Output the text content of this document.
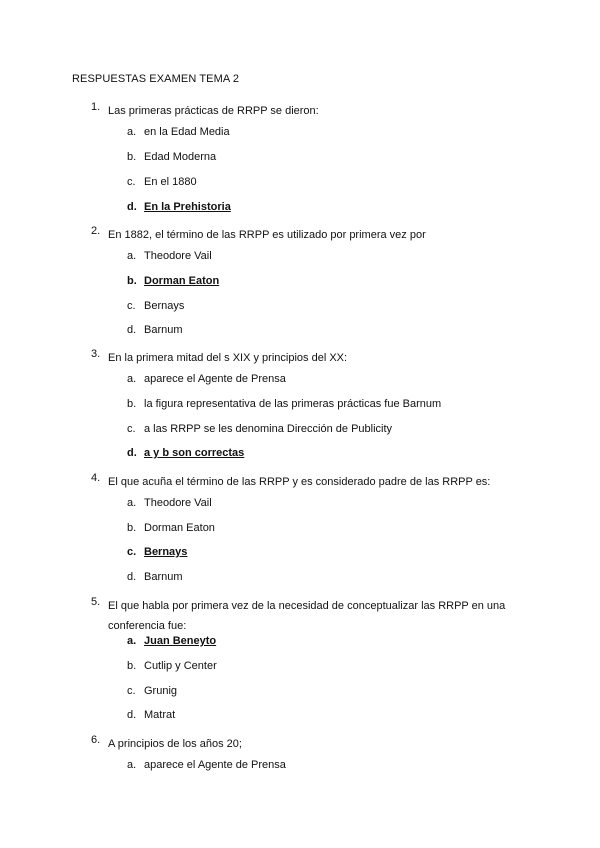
RESPUESTAS EXAMEN TEMA 2
1. Las primeras prácticas de RRPP se dieron:
a. en la Edad Media
b. Edad Moderna
c. En el 1880
d. En la Prehistoria
2. En 1882, el término de las RRPP es utilizado por primera vez por
a. Theodore Vail
b. Dorman Eaton
c. Bernays
d. Barnum
3. En la primera mitad del s XIX y principios del XX:
a. aparece el Agente de Prensa
b. la figura representativa de las primeras prácticas fue Barnum
c. a las RRPP se les denomina Dirección de Publicity
d. a y b son correctas
4. El que acuña el término de las RRPP y es considerado padre de las RRPP es:
a. Theodore Vail
b. Dorman Eaton
c. Bernays
d. Barnum
5. El que habla por primera vez de la necesidad de conceptualizar las RRPP en una conferencia fue:
a. Juan Beneyto
b. Cutlip y Center
c. Grunig
d. Matrat
6. A principios de los años 20;
a. aparece el Agente de Prensa
